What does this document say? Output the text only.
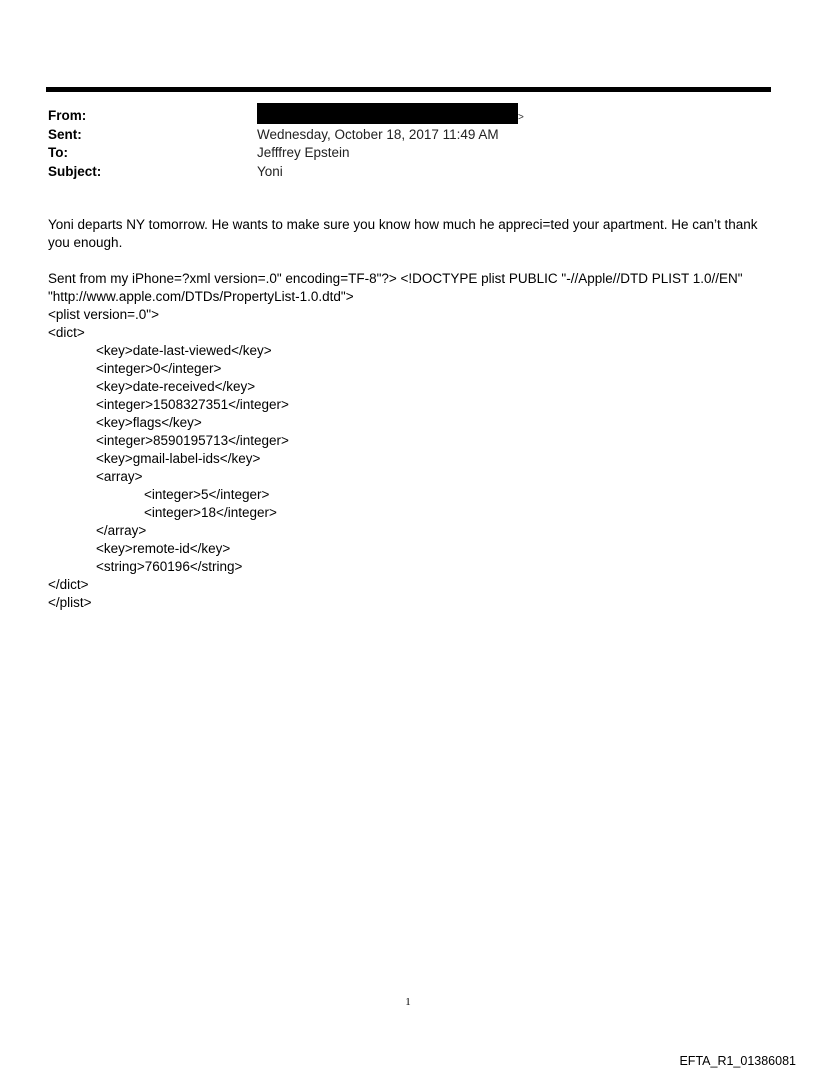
From:	>
Sent:	Wednesday, October 18, 2017 11:49 AM
To:	Jefffrey Epstein
Subject:	Yoni

Yoni departs NY tomorrow. He wants to make sure you know how much he appreci=ted your apartment. He can’t thank you enough.

Sent from my iPhone=?xml version=.0" encoding=TF-8"?> <!DOCTYPE plist PUBLIC "-//Apple//DTD PLIST 1.0//EN" "http://www.apple.com/DTDs/PropertyList-1.0.dtd">
<plist version=.0">
<dict>
<key>date-last-viewed</key>
<integer>0</integer>
<key>date-received</key>
<integer>1508327351</integer>
<key>flags</key>
<integer>8590195713</integer>
<key>gmail-label-ids</key>
<array>
<integer>5</integer>
<integer>18</integer>
</array>
<key>remote-id</key>
<string>760196</string>
</dict>
</plist>
1
EFTA_R1_01386081
